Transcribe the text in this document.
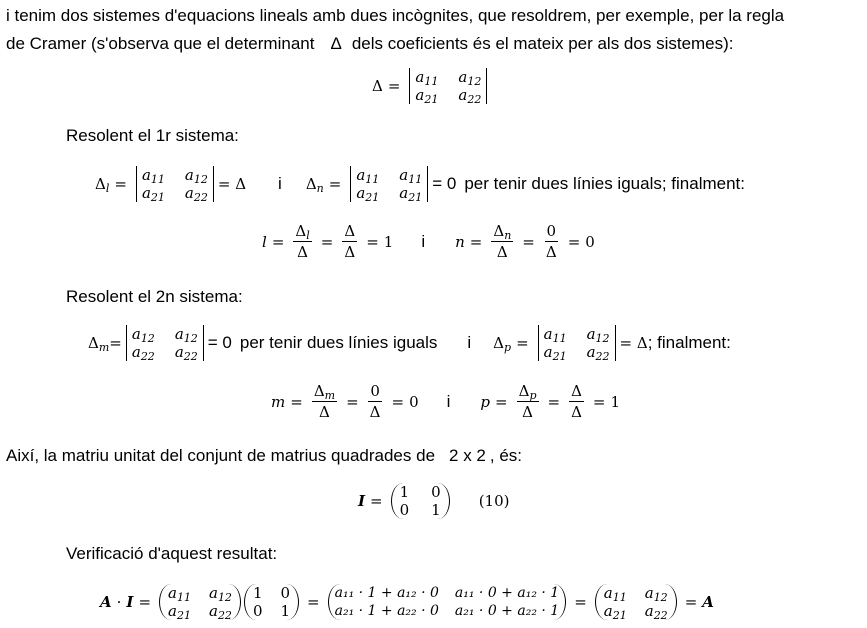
i tenim dos sistemes d'equacions lineals amb dues incògnites, que resoldrem, per exemple, per la regla
de Cramer (s'observa que el determinant Δ dels coeficients és el mateix per als dos sistemes):
$\Delta = a_{11}$ $a_{12}$
$a_{21}$ $a_{22}$
Resolent el 1r sistema:
$\Delta_l = a_{11}$ $a_{12}$
$a_{21}$ $a_{22}$
= Δ i $\Delta_n = a_{11}$ $a_{11}$
$a_{21}$ $a_{21}$
= 0 per tenir dues línies iguals; finalment:
$l = \frac{\Delta_l}{\Delta} = \frac{\Delta}{\Delta} = 1$ i $n = \frac{\Delta_n}{\Delta} = \frac{0}{\Delta} = 0$
Resolent el 2n sistema:
$\Delta_m = a_{12}$ $a_{12}$
$a_{22}$ $a_{22}$
= 0 per tenir dues línies iguals i $\Delta_p = a_{11}$ $a_{12}$
$a_{21}$ $a_{22}$
= Δ ; finalment:
$m = \frac{\Delta_m}{\Delta} = \frac{0}{\Delta} = 0$ i $p = \frac{\Delta_p}{\Delta} = \frac{\Delta}{\Delta} = 1$
Així, la matriu unitat del conjunt de matrius quadrades de 2 x 2 , és:
I = 1 0
0 1	(10)
Verificació d'aquest resultat:
$A \cdot I = a_{11}$ $a_{12}$
$a_{21}$ $a_{22}$
1 0
0 1 = a₁₁ · 1 + a₁₂ · 0 a₁₁ · 0 + a₁₂ · 1
a₂₁ · 1 + a₂₂ · 0 $a_{21} \cdot 0 + a_{22} \cdot 1 = a_{11}$ $a_{12}$
$a_{21}$ $a_{22}$
= A
